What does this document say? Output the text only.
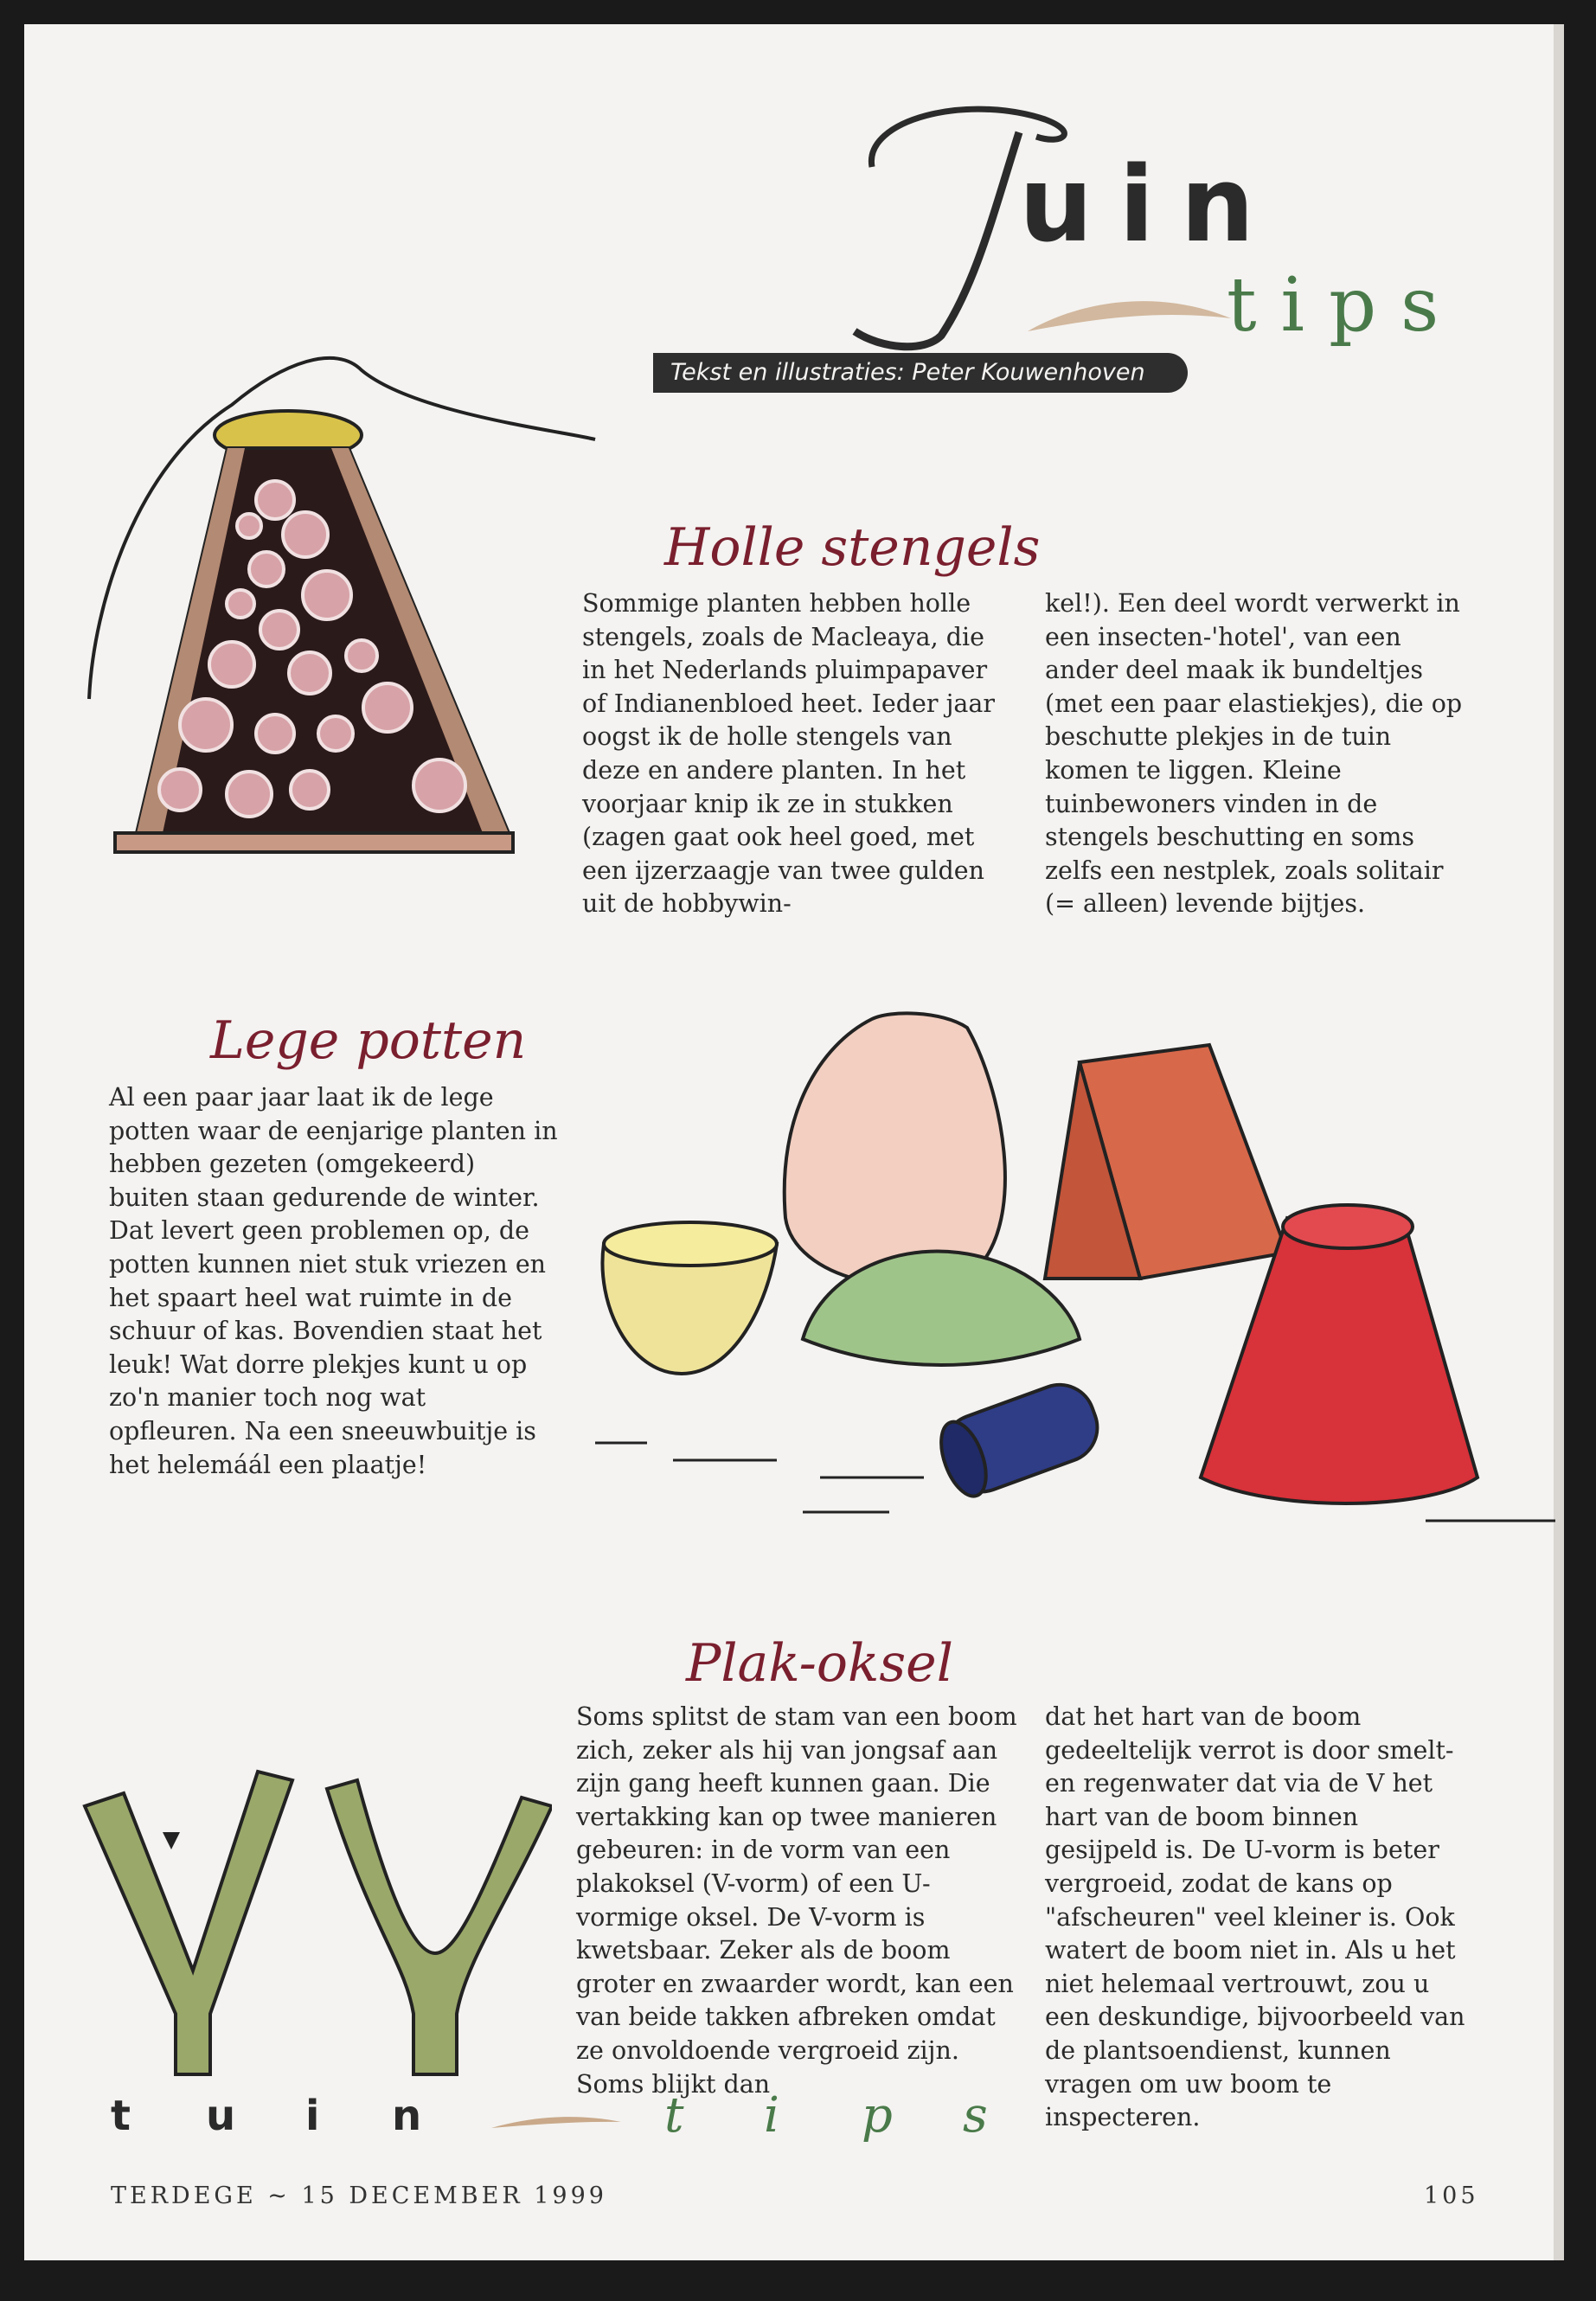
T
uin
tips
Tekst en illustraties: Peter Kouwenhoven
Holle stengels

Sommige planten hebben holle stengels, zoals de Macleaya, die in het Nederlands pluimpapaver of Indianenbloed heet. Ieder jaar oogst ik de holle stengels van deze en andere planten. In het voorjaar knip ik ze in stukken (zagen gaat ook heel goed, met een ijzerzaagje van twee gulden uit de hobbywin-

kel!). Een deel wordt verwerkt in een insecten-'hotel', van een ander deel maak ik bundeltjes (met een paar elastiekjes), die op beschutte plekjes in de tuin komen te liggen. Kleine tuinbewoners vinden in de stengels beschutting en soms zelfs een nestplek, zoals solitair (= alleen) levende bijtjes.

Lege potten

Al een paar jaar laat ik de lege potten waar de eenjarige planten in hebben gezeten (omgekeerd) buiten staan gedurende de winter. Dat levert geen problemen op, de potten kunnen niet stuk vriezen en het spaart heel wat ruimte in de schuur of kas. Bovendien staat het leuk! Wat dorre plekjes kunt u op zo'n manier toch nog wat opfleuren. Na een sneeuwbuitje is het helemáál een plaatje!

Plak-oksel

Soms splitst de stam van een boom zich, zeker als hij van jongsaf aan zijn gang heeft kunnen gaan. Die vertakking kan op twee manieren gebeuren: in de vorm van een plakoksel (V-vorm) of een U-vormige oksel. De V-vorm is kwetsbaar. Zeker als de boom groter en zwaarder wordt, kan een van beide takken afbreken omdat ze onvoldoende vergroeid zijn. Soms blijkt dan

dat het hart van de boom gedeeltelijk verrot is door smelt- en regenwater dat via de V het hart van de boom binnen gesijpeld is. De U-vorm is beter vergroeid, zodat de kans op "afscheuren" veel kleiner is. Ook watert de boom niet in. Als u het niet helemaal vertrouwt, zou u een deskundige, bijvoorbeeld van de plantsoendienst, kunnen vragen om uw boom te inspecteren.

t u i n	t i p s
TERDEGE ~ 15 DECEMBER 1999	105
